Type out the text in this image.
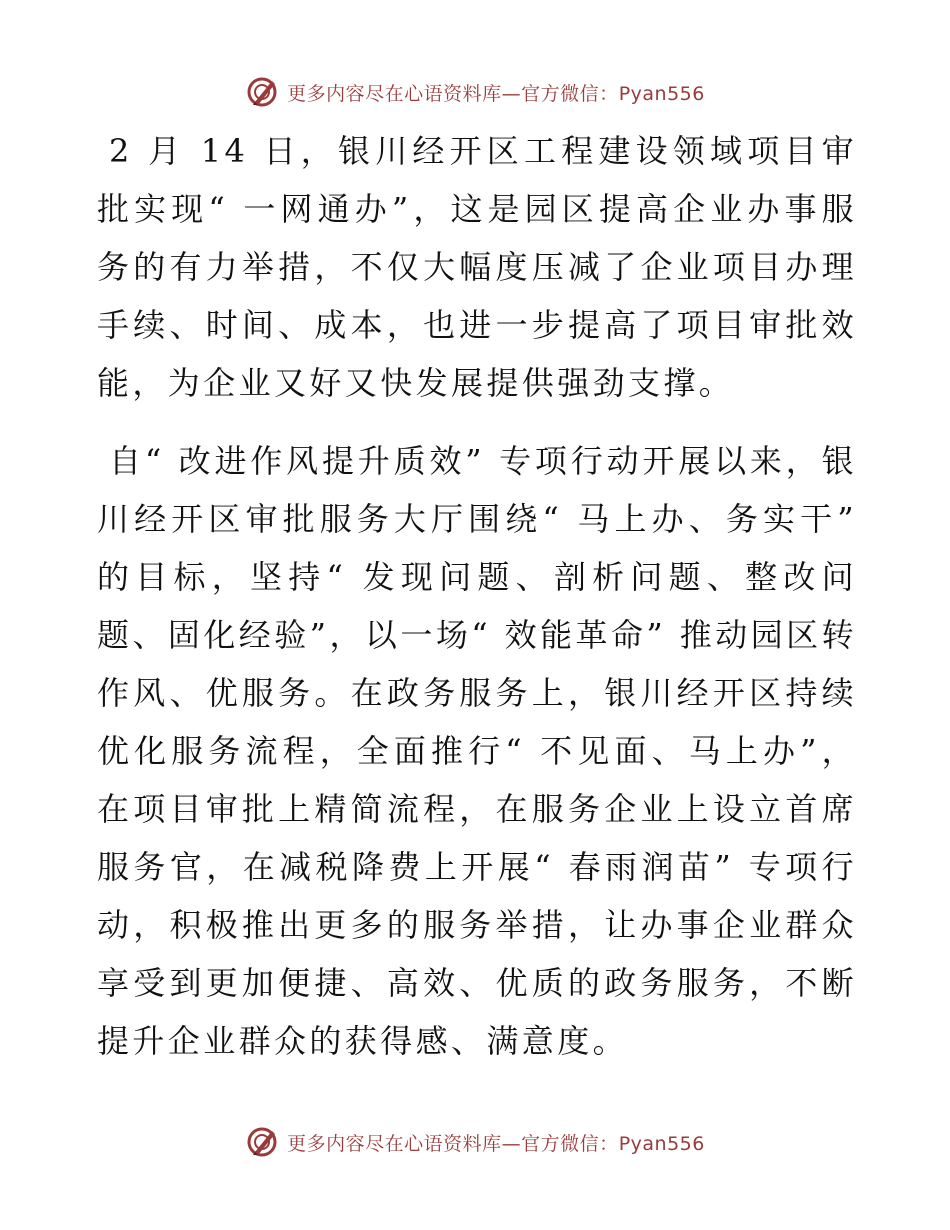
更多内容尽在心语资料库—官方微信：Pyan556

2 月 14 日，银川经开区工程建设领域项目审批实现“ 一网通办”，这是园区提高企业办事服务的有力举措，不仅大幅度压减了企业项目办理手续、时间、成本，也进一步提高了项目审批效能，为企业又好又快发展提供强劲支撑。

自“ 改进作风提升质效” 专项行动开展以来，银川经开区审批服务大厅围绕“ 马上办、务实干” 的目标，坚持“ 发现问题、剖析问题、整改问题、固化经验”，以一场“ 效能革命” 推动园区转作风、优服务。在政务服务上，银川经开区持续优化服务流程，全面推行“ 不见面、马上办”，在项目审批上精简流程，在服务企业上设立首席服务官，在减税降费上开展“ 春雨润苗” 专项行动，积极推出更多的服务举措，让办事企业群众享受到更加便捷、高效、优质的政务服务，不断提升企业群众的获得感、满意度。

更多内容尽在心语资料库—官方微信：Pyan556
